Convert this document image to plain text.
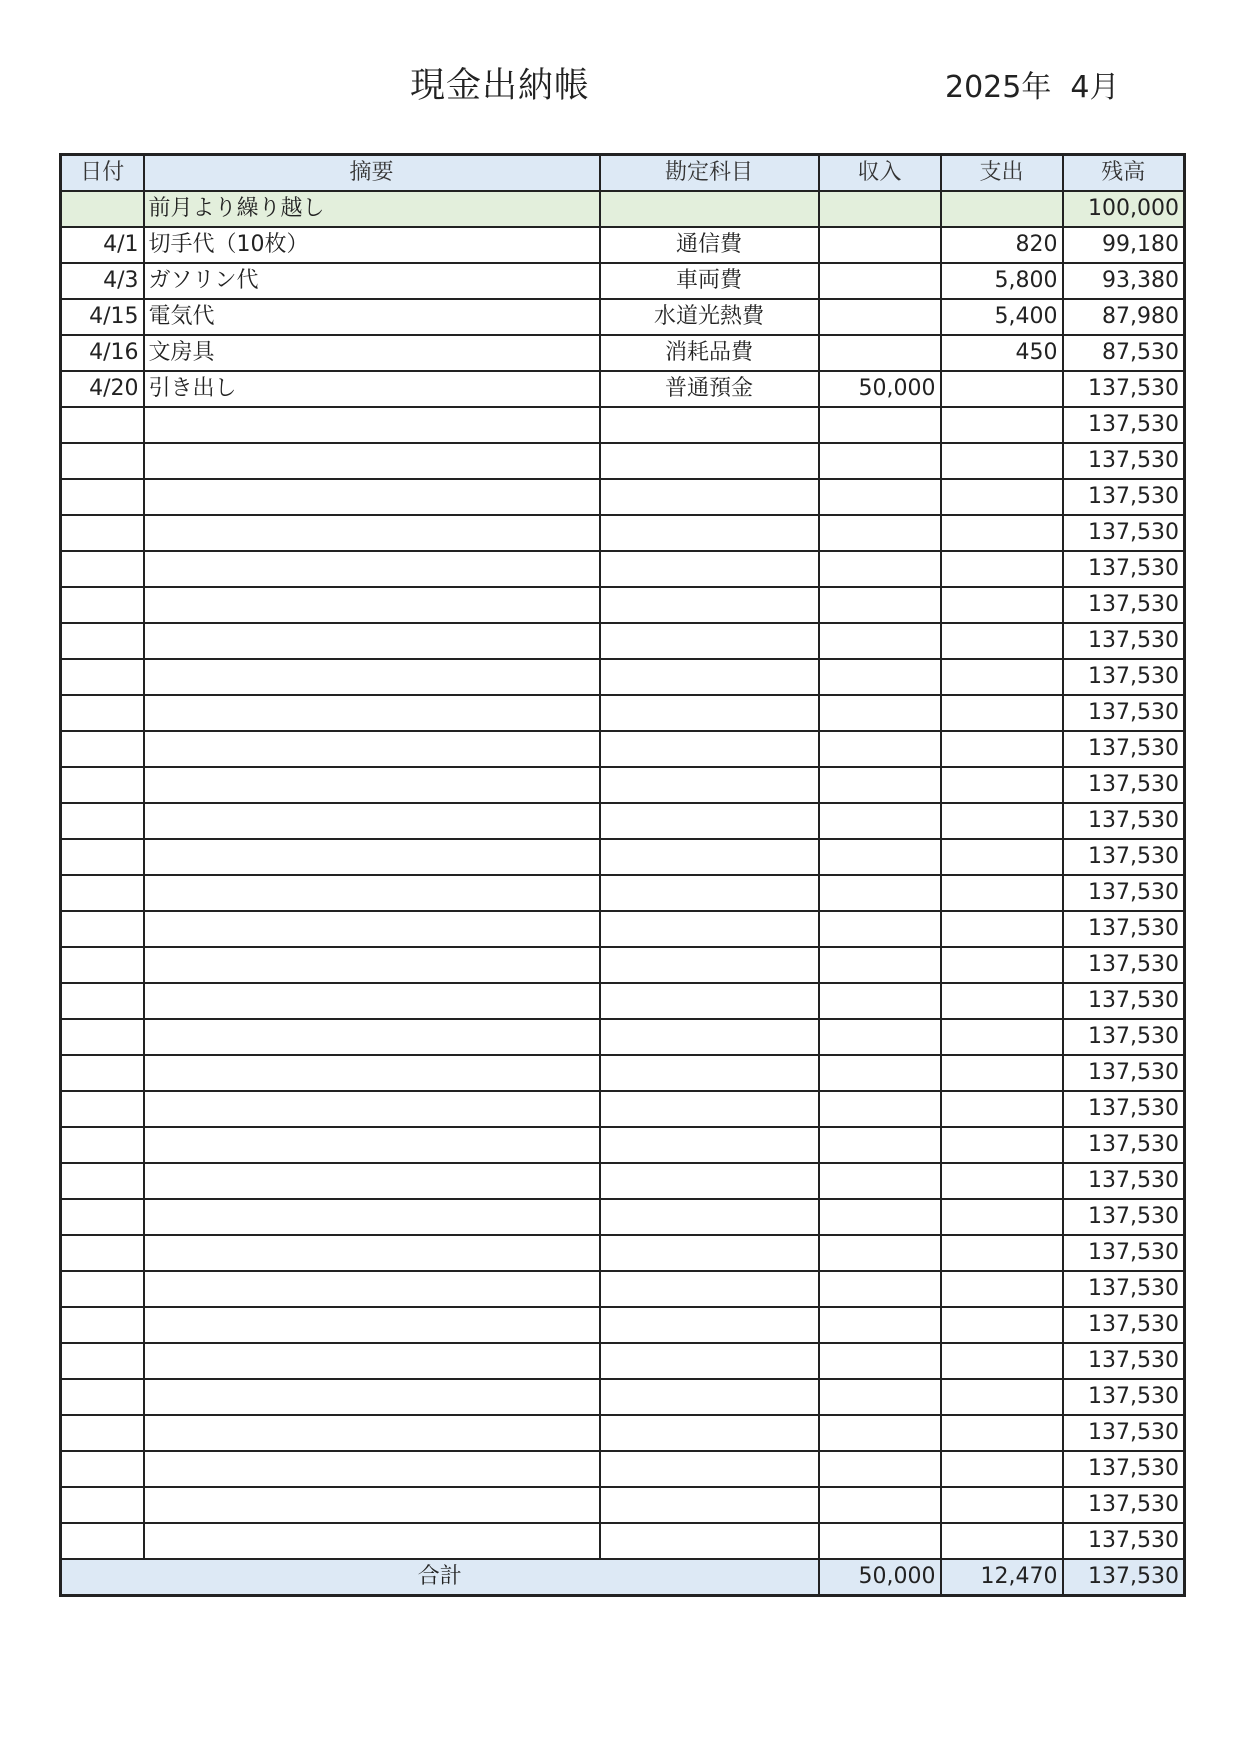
現金出納帳	2025年  4月
日付	摘要	勘定科目	収入	支出	残高
	前月より繰り越し				100,000
4/1	切手代（10枚）	通信費		820	99,180
4/3	ガソリン代	車両費		5,800	93,380
4/15	電気代	水道光熱費		5,400	87,980
4/16	文房具	消耗品費		450	87,530
4/20	引き出し	普通預金	50,000		137,530
					137,530
					137,530
					137,530
					137,530
					137,530
					137,530
					137,530
					137,530
					137,530
					137,530
					137,530
					137,530
					137,530
					137,530
					137,530
					137,530
					137,530
					137,530
					137,530
					137,530
					137,530
					137,530
					137,530
					137,530
					137,530
					137,530
					137,530
					137,530
					137,530
					137,530
					137,530
					137,530
合計			50,000	12,470	137,530
